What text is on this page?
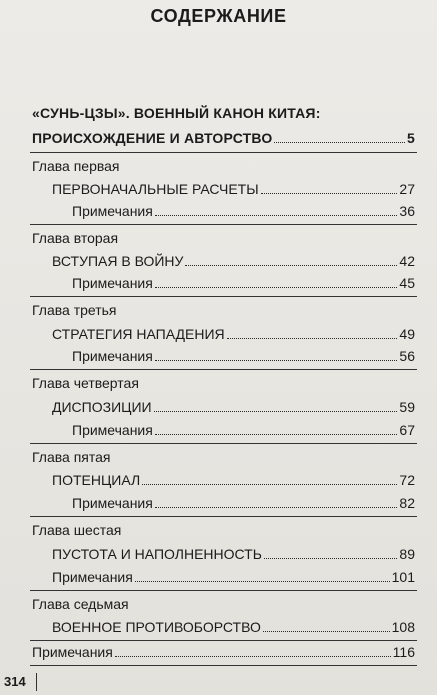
СОДЕРЖАНИЕ
«СУНЬ-ЦЗЫ». ВОЕННЫЙ КАНОН КИТАЯ:
ПРОИСХОЖДЕНИЕ И АВТОРСТВО	5
Глава первая
ПЕРВОНАЧАЛЬНЫЕ РАСЧЕТЫ	27
Примечания	36
Глава вторая
ВСТУПАЯ В ВОЙНУ	42
Примечания	45
Глава третья
СТРАТЕГИЯ НАПАДЕНИЯ	49
Примечания	56
Глава четвертая
ДИСПОЗИЦИИ	59
Примечания	67
Глава пятая
ПОТЕНЦИАЛ	72
Примечания	82
Глава шестая
ПУСТОТА И НАПОЛНЕННОСТЬ	89
Примечания	101
Глава седьмая
ВОЕННОЕ ПРОТИВОБОРСТВО	108
Примечания	116
314
